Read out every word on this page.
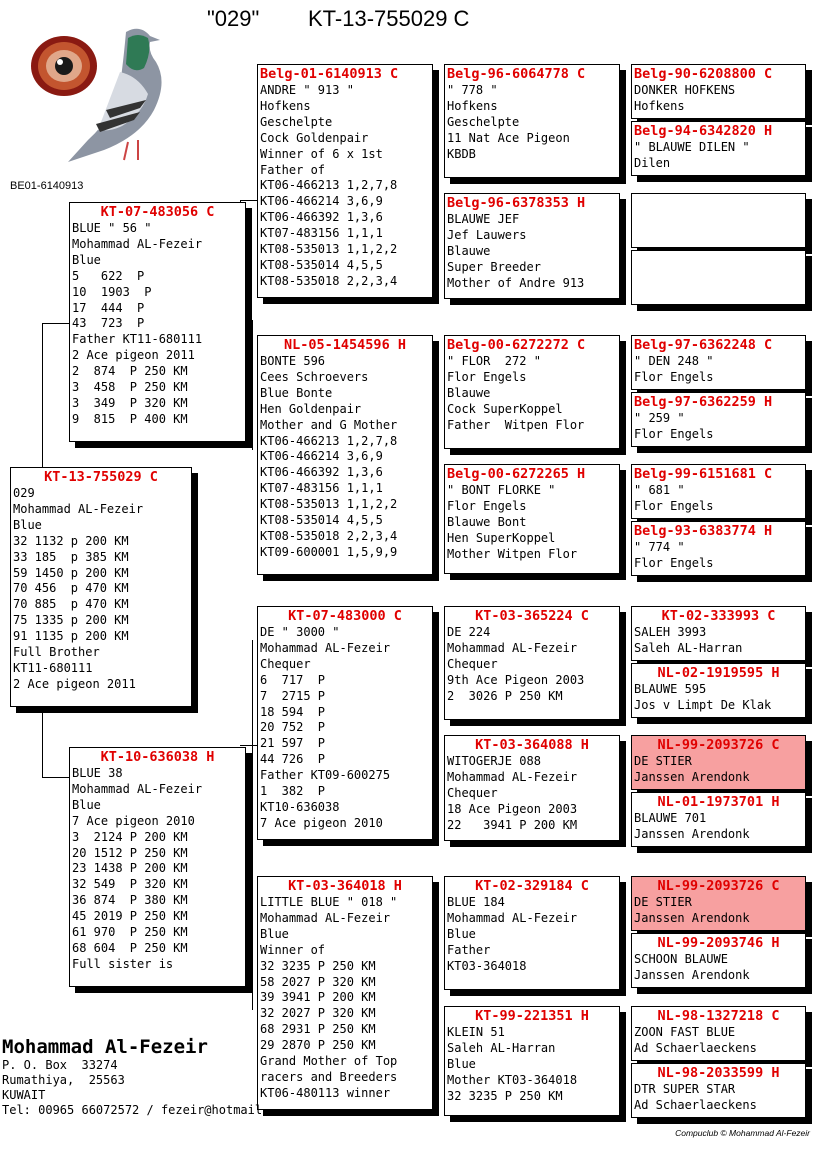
"029" KT-13-755029 C
BE01-6140913
KT-13-755029 C
029
Mohammad AL-Fezeir
Blue
32 1132 p 200 KM
33 185  p 385 KM
59 1450 p 200 KM
70 456  p 470 KM
70 885  p 470 KM
75 1335 p 200 KM
91 1135 p 200 KM
Full Brother
KT11-680111
2 Ace pigeon 2011
KT-07-483056 C
BLUE " 56 "
Mohammad AL-Fezeir
Blue
5   622  P
10  1903  P
17  444  P
43  723  P
Father KT11-680111
2 Ace pigeon 2011
2  874  P 250 KM
3  458  P 250 KM
3  349  P 320 KM
9  815  P 400 KM
KT-10-636038 H
BLUE 38
Mohammad AL-Fezeir
Blue
7 Ace pigeon 2010
3  2124 P 200 KM
20 1512 P 250 KM
23 1438 P 200 KM
32 549  P 320 KM
36 874  P 380 KM
45 2019 P 250 KM
61 970  P 250 KM
68 604  P 250 KM
Full sister is
Belg-01-6140913 C
ANDRE " 913 "
Hofkens
Geschelpte
Cock Goldenpair
Winner of 6 x 1st
Father of
KT06-466213 1,2,7,8
KT06-466214 3,6,9
KT06-466392 1,3,6
KT07-483156 1,1,1
KT08-535013 1,1,2,2
KT08-535014 4,5,5
KT08-535018 2,2,3,4
NL-05-1454596 H
BONTE 596
Cees Schroevers
Blue Bonte
Hen Goldenpair
Mother and G Mother
KT06-466213 1,2,7,8
KT06-466214 3,6,9
KT06-466392 1,3,6
KT07-483156 1,1,1
KT08-535013 1,1,2,2
KT08-535014 4,5,5
KT08-535018 2,2,3,4
KT09-600001 1,5,9,9
KT-07-483000 C
DE " 3000 "
Mohammad AL-Fezeir
Chequer
6  717  P
7  2715 P
18 594  P
20 752  P
21 597  P
44 726  P
Father KT09-600275
1  382  P
KT10-636038
7 Ace pigeon 2010
KT-03-364018 H
LITTLE BLUE " 018 "
Mohammad AL-Fezeir
Blue
Winner of
32 3235 P 250 KM
58 2027 P 320 KM
39 3941 P 200 KM
32 2027 P 320 KM
68 2931 P 250 KM
29 2870 P 250 KM
Grand Mother of Top
racers and Breeders
KT06-480113 winner
Belg-96-6064778 C
" 778 "
Hofkens
Geschelpte
11 Nat Ace Pigeon
KBDB
Belg-96-6378353 H
BLAUWE JEF
Jef Lauwers
Blauwe
Super Breeder
Mother of Andre 913
Belg-00-6272272 C
" FLOR  272 "
Flor Engels
Blauwe
Cock SuperKoppel
Father  Witpen Flor
Belg-00-6272265 H
" BONT FLORKE "
Flor Engels
Blauwe Bont
Hen SuperKoppel
Mother Witpen Flor
KT-03-365224 C
DE 224
Mohammad AL-Fezeir
Chequer
9th Ace Pigeon 2003
2  3026 P 250 KM
KT-03-364088 H
WITOGERJE 088
Mohammad AL-Fezeir
Chequer
18 Ace Pigeon 2003
22   3941 P 200 KM
KT-02-329184 C
BLUE 184
Mohammad AL-Fezeir
Blue
Father
KT03-364018
KT-99-221351 H
KLEIN 51
Saleh AL-Harran
Blue
Mother KT03-364018
32 3235 P 250 KM
Belg-90-6208800 C
DONKER HOFKENS
Hofkens
Belg-94-6342820 H
" BLAUWE DILEN "
Dilen
Belg-97-6362248 C
" DEN 248 "
Flor Engels
Belg-97-6362259 H
" 259 "
Flor Engels
Belg-99-6151681 C
" 681 "
Flor Engels
Belg-93-6383774 H
" 774 "
Flor Engels
KT-02-333993 C
SALEH 3993
Saleh AL-Harran
NL-02-1919595 H
BLAUWE 595
Jos v Limpt De Klak
NL-99-2093726 C
DE STIER
Janssen Arendonk
NL-01-1973701 H
BLAUWE 701
Janssen Arendonk
NL-99-2093726 C
DE STIER
Janssen Arendonk
NL-99-2093746 H
SCHOON BLAUWE
Janssen Arendonk
NL-98-1327218 C
ZOON FAST BLUE
Ad Schaerlaeckens
NL-98-2033599 H
DTR SUPER STAR
Ad Schaerlaeckens
Mohammad Al-Fezeir
P. O. Box  33274
Rumathiya,  25563
KUWAIT
Tel: 00965 66072572 / fezeir@hotmail.
Compuclub © Mohammad Al-Fezeir
